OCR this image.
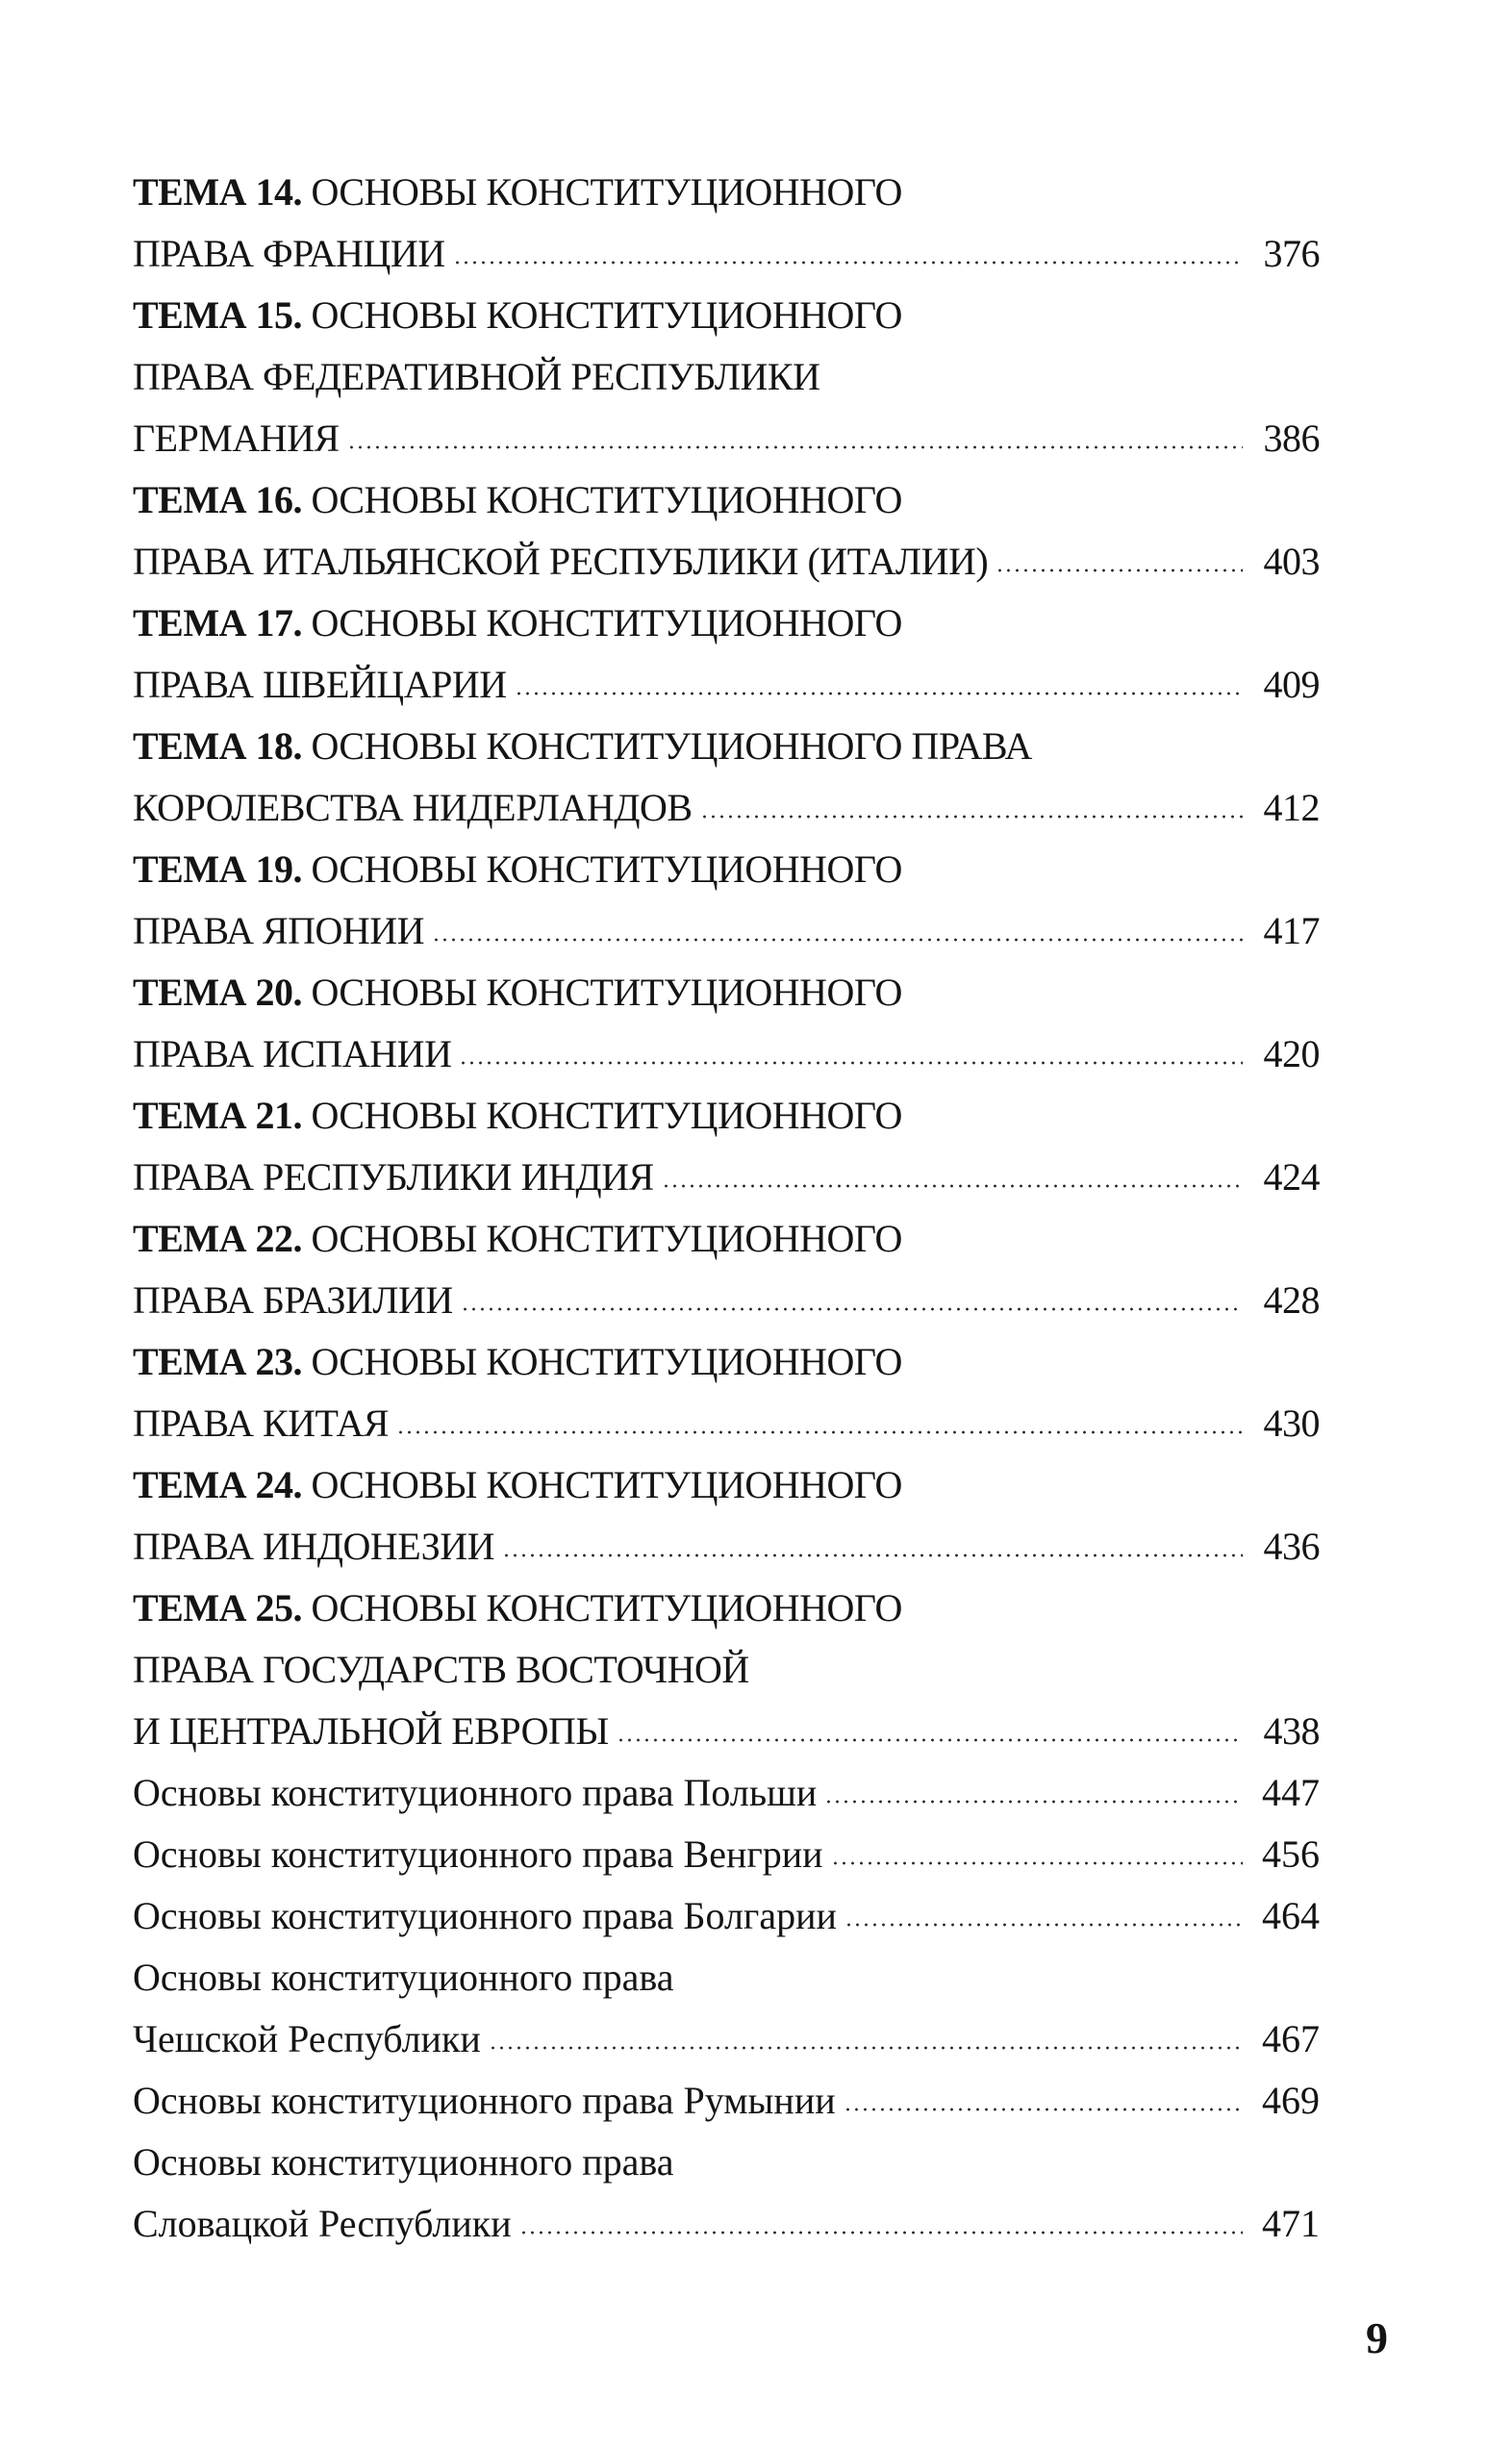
ТЕМА 14.
ОСНОВЫ КОНСТИТУЦИОННОГО
ПРАВА ФРАНЦИИ	376
ТЕМА 15.
ОСНОВЫ КОНСТИТУЦИОННОГО
ПРАВА ФЕДЕРАТИВНОЙ РЕСПУБЛИКИ
ГЕРМАНИЯ	386
ТЕМА 16.
ОСНОВЫ КОНСТИТУЦИОННОГО
ПРАВА ИТАЛЬЯНСКОЙ РЕСПУБЛИКИ (ИТАЛИИ)	403
ТЕМА 17.
ОСНОВЫ КОНСТИТУЦИОННОГО
ПРАВА ШВЕЙЦАРИИ	409
ТЕМА 18.
ОСНОВЫ КОНСТИТУЦИОННОГО ПРАВА
КОРОЛЕВСТВА НИДЕРЛАНДОВ	412
ТЕМА 19.
ОСНОВЫ КОНСТИТУЦИОННОГО
ПРАВА ЯПОНИИ	417
ТЕМА 20.
ОСНОВЫ КОНСТИТУЦИОННОГО
ПРАВА ИСПАНИИ	420
ТЕМА 21.
ОСНОВЫ КОНСТИТУЦИОННОГО
ПРАВА РЕСПУБЛИКИ ИНДИЯ	424
ТЕМА 22.
ОСНОВЫ КОНСТИТУЦИОННОГО
ПРАВА БРАЗИЛИИ	428
ТЕМА 23.
ОСНОВЫ КОНСТИТУЦИОННОГО
ПРАВА КИТАЯ	430
ТЕМА 24.
ОСНОВЫ КОНСТИТУЦИОННОГО
ПРАВА ИНДОНЕЗИИ	436
ТЕМА 25.
ОСНОВЫ КОНСТИТУЦИОННОГО
ПРАВА ГОСУДАРСТВ ВОСТОЧНОЙ
И ЦЕНТРАЛЬНОЙ ЕВРОПЫ	438
Основы конституционного права Польши	447
Основы конституционного права Венгрии	456
Основы конституционного права Болгарии	464
Основы конституционного права
Чешской Республики	467
Основы конституционного права Румынии	469
Основы конституционного права
Словацкой Республики	471
9
